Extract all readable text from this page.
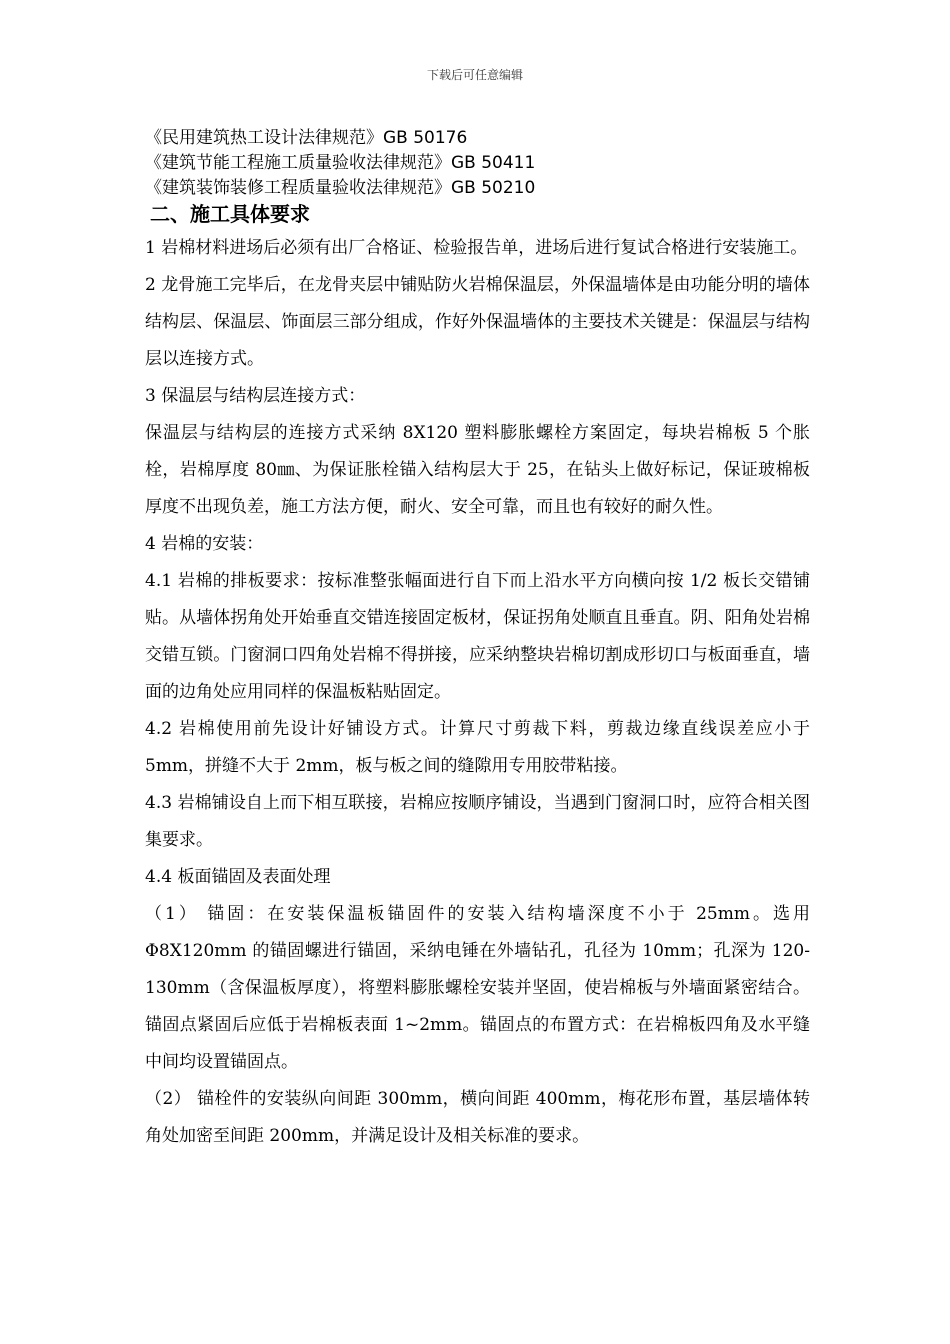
下载后可任意编辑
《民用建筑热工设计法律规范》GB 50176
《建筑节能工程施工质量验收法律规范》GB 50411
《建筑装饰装修工程质量验收法律规范》GB 50210
二、施工具体要求

1 岩棉材料进场后必须有出厂合格证、检验报告单，进场后进行复试合格进行安装施工。

2 龙骨施工完毕后，在龙骨夹层中铺贴防火岩棉保温层，外保温墙体是由功能分明的墙体结构层、保温层、饰面层三部分组成，作好外保温墙体的主要技术关键是：保温层与结构层以连接方式。

3 保温层与结构层连接方式：

保温层与结构层的连接方式采纳 8X120 塑料膨胀螺栓方案固定，每块岩棉板 5 个胀栓，岩棉厚度 80㎜、为保证胀栓锚入结构层大于 25，在钻头上做好标记，保证玻棉板厚度不出现负差，施工方法方便，耐火、安全可靠，而且也有较好的耐久性。

4 岩棉的安装：

4.1 岩棉的排板要求：按标准整张幅面进行自下而上沿水平方向横向按 1/2 板长交错铺贴。从墙体拐角处开始垂直交错连接固定板材，保证拐角处顺直且垂直。阴、阳角处岩棉交错互锁。门窗洞口四角处岩棉不得拼接，应采纳整块岩棉切割成形切口与板面垂直，墙面的边角处应用同样的保温板粘贴固定。

4.2 岩棉使用前先设计好铺设方式。计算尺寸剪裁下料，剪裁边缘直线误差应小于 5mm，拼缝不大于 2mm，板与板之间的缝隙用专用胶带粘接。

4.3 岩棉铺设自上而下相互联接，岩棉应按顺序铺设，当遇到门窗洞口时，应符合相关图集要求。

4.4 板面锚固及表面处理

（1） 锚固：在安装保温板锚固件的安装入结构墙深度不小于 25mm。选用Φ8X120mm 的锚固螺进行锚固，采纳电锤在外墙钻孔，孔径为 10mm；孔深为 120-130mm（含保温板厚度），将塑料膨胀螺栓安装并坚固，使岩棉板与外墙面紧密结合。锚固点紧固后应低于岩棉板表面 1~2mm。锚固点的布置方式：在岩棉板四角及水平缝中间均设置锚固点。

（2） 锚栓件的安装纵向间距 300mm，横向间距 400mm，梅花形布置，基层墙体转角处加密至间距 200mm，并满足设计及相关标准的要求。
